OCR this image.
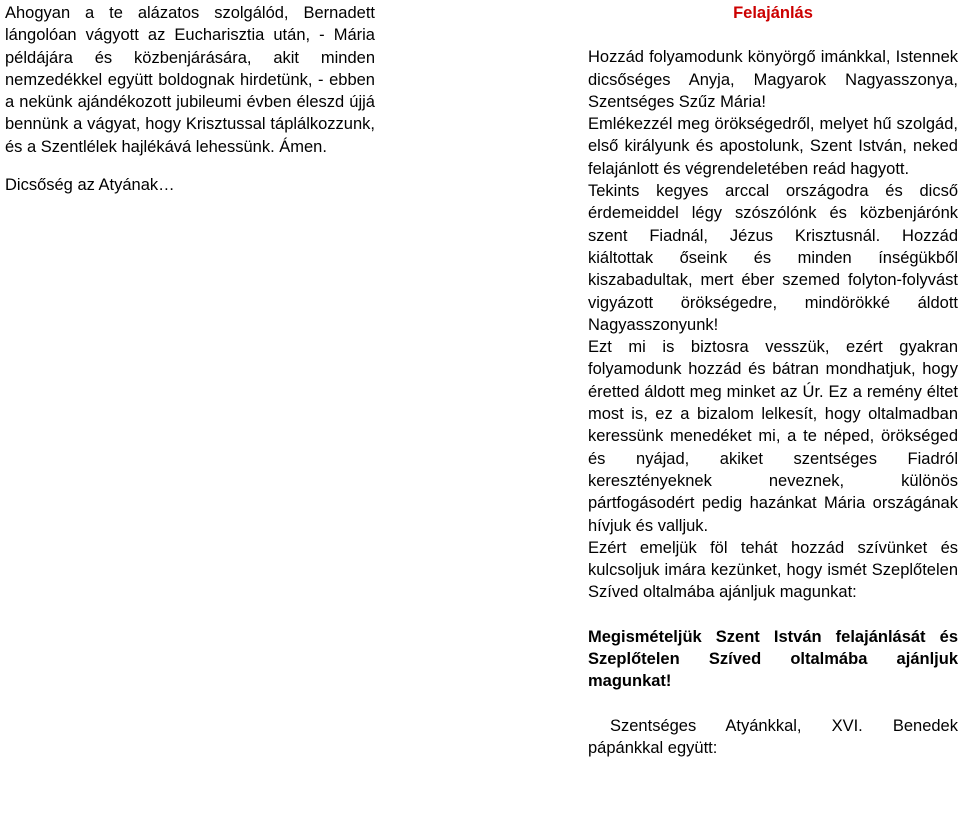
Ahogyan a te alázatos szolgálód, Bernadett lángolóan vágyott az Eucharisztia után, - Mária példájára és közbenjárására, akit minden nemzedékkel együtt boldognak hirdetünk, - ebben a nekünk ajándékozott jubileumi évben éleszd újjá bennünk a vágyat, hogy Krisztussal táplálkozzunk, és a Szentlélek hajlékává lehessünk. Ámen.

Dicsőség az Atyának…

Felajánlás

Hozzád folyamodunk könyörgő imánkkal, Istennek dicsőséges Anyja, Magyarok Nagyasszonya, Szentséges Szűz Mária!

Emlékezzél meg örökségedről, melyet hű szolgád, első királyunk és apostolunk, Szent István, neked felajánlott és végrendeletében reád hagyott.

Tekints kegyes arccal országodra és dicső érdemeiddel légy szószólónk és közbenjárónk szent Fiadnál, Jézus Krisztusnál. Hozzád kiáltottak őseink és minden ínségükből kiszabadultak, mert éber szemed folyton-folyvást vigyázott örökségedre, mindörökké áldott Nagyasszonyunk!

Ezt mi is biztosra vesszük, ezért gyakran folyamodunk hozzád és bátran mondhatjuk, hogy éretted áldott meg minket az Úr. Ez a remény éltet most is, ez a bizalom lelkesít, hogy oltalmadban keressünk menedéket mi, a te néped, örökséged és nyájad, akiket szentséges Fiadról keresztényeknek neveznek, különös pártfogásodért pedig hazánkat Mária országának hívjuk és valljuk.

Ezért emeljük föl tehát hozzád szívünket és kulcsoljuk imára kezünket, hogy ismét Szeplőtelen Szíved oltalmába ajánljuk magunkat:

Megismételjük Szent István felajánlását és Szeplőtelen Szíved oltalmába ajánljuk magunkat!

Szentséges Atyánkkal, XVI. Benedek pápánkkal együtt:
